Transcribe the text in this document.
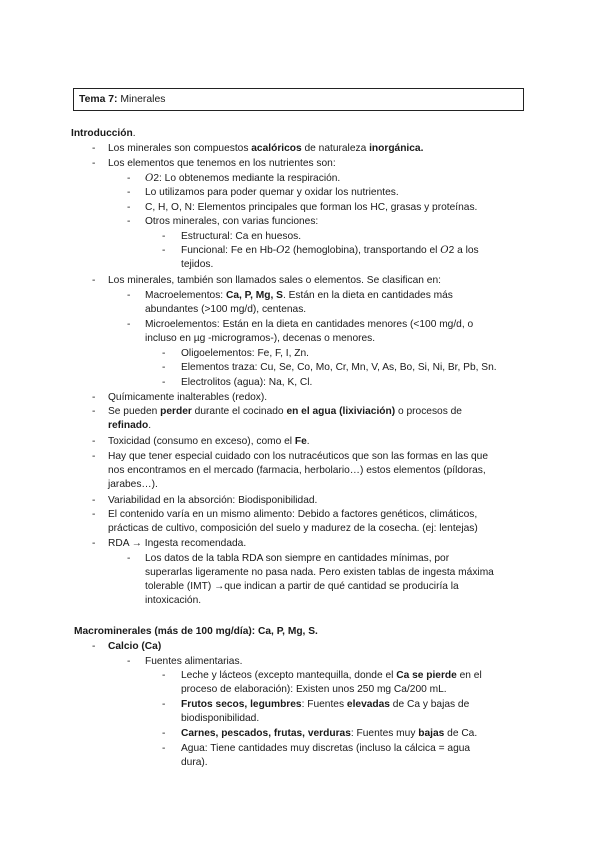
Tema 7: Minerales
Introducción.
- Los minerales son compuestos acalóricos de naturaleza inorgánica.
- Los elementos que tenemos en los nutrientes son:
- O2: Lo obtenemos mediante la respiración.
- Lo utilizamos para poder quemar y oxidar los nutrientes.
- C, H, O, N: Elementos principales que forman los HC, grasas y proteínas.
- Otros minerales, con varias funciones:
- Estructural: Ca en huesos.
- Funcional: Fe en Hb-O2 (hemoglobina), transportando el O2 a los
tejidos.
- Los minerales, también son llamados sales o elementos. Se clasifican en:
- Macroelementos: Ca, P, Mg, S. Están en la dieta en cantidades más
abundantes (>100 mg/d), centenas.
- Microelementos: Están en la dieta en cantidades menores (<100 mg/d, o
incluso en µg -microgramos-), decenas o menores.
- Oligoelementos: Fe, F, I, Zn.
- Elementos traza: Cu, Se, Co, Mo, Cr, Mn, V, As, Bo, Si, Ni, Br, Pb, Sn.
- Electrolitos (agua): Na, K, Cl.
- Químicamente inalterables (redox).
- Se pueden perder durante el cocinado en el agua (lixiviación) o procesos de
refinado.
- Toxicidad (consumo en exceso), como el Fe.
- Hay que tener especial cuidado con los nutracéuticos que son las formas en las que
nos encontramos en el mercado (farmacia, herbolario…) estos elementos (píldoras,
jarabes…).
- Variabilidad en la absorción: Biodisponibilidad.
- El contenido varía en un mismo alimento: Debido a factores genéticos, climáticos,
prácticas de cultivo, composición del suelo y madurez de la cosecha. (ej: lentejas)
- RDA → Ingesta recomendada.
- Los datos de la tabla RDA son siempre en cantidades mínimas, por
superarlas ligeramente no pasa nada. Pero existen tablas de ingesta máxima
tolerable (IMT) →que indican a partir de qué cantidad se produciría la
intoxicación.
Macrominerales (más de 100 mg/día): Ca, P, Mg, S.
- Calcio (Ca)
- Fuentes alimentarias.
- Leche y lácteos (excepto mantequilla, donde el Ca se pierde en el
proceso de elaboración): Existen unos 250 mg Ca/200 mL.
- Frutos secos, legumbres: Fuentes elevadas de Ca y bajas de
biodisponibilidad.
- Carnes, pescados, frutas, verduras: Fuentes muy bajas de Ca.
- Agua: Tiene cantidades muy discretas (incluso la cálcica = agua
dura).
